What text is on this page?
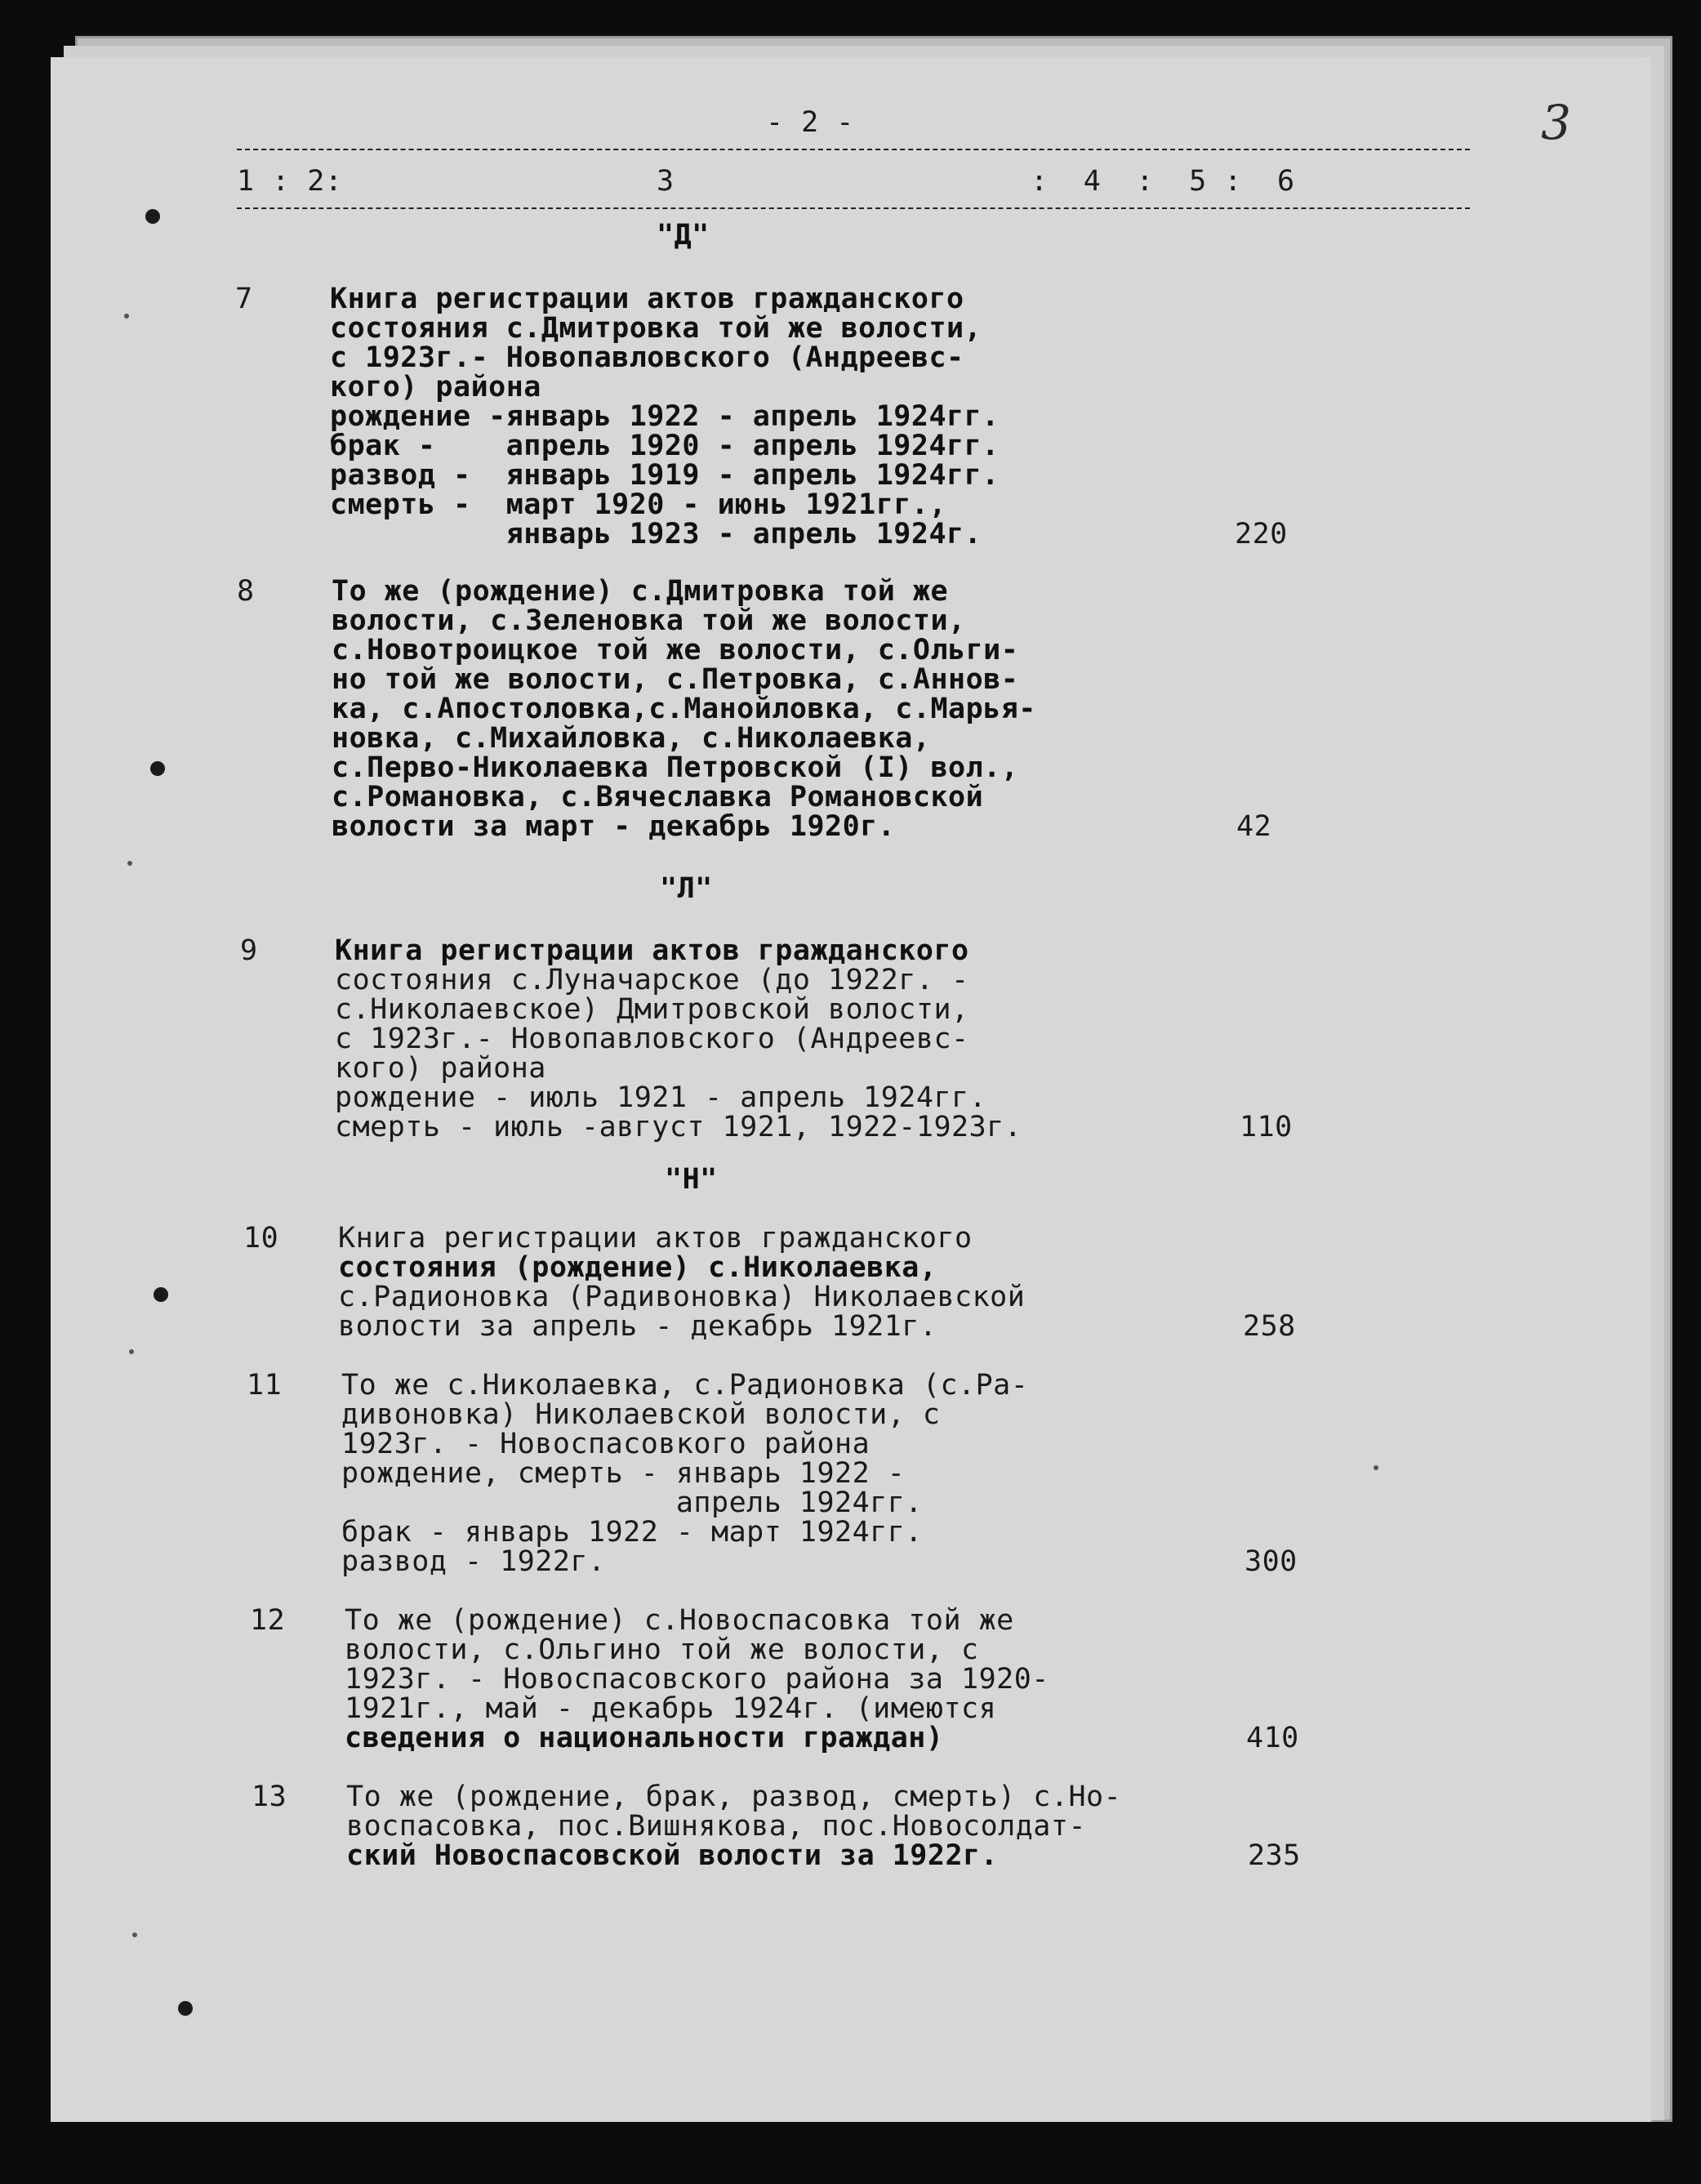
3
- 2 -
1 : 2:	3	:  4  :  5 :  6
"Д"
7	Книга регистрации актов гражданского
состояния с.Дмитровка той же волости,
с 1923г.- Новопавловского (Андреевс-
кого) района
рождение -январь 1922 - апрель 1924гг.
брак -    апрель 1920 - апрель 1924гг.
развод -  январь 1919 - апрель 1924гг.
смерть -  март 1920 - июнь 1921гг.,
январь 1923 - апрель 1924г.	220
8	То же (рождение) с.Дмитровка той же
волости, с.Зеленовка той же волости,
с.Новотроицкое той же волости, с.Ольги-
но той же волости, с.Петровка, с.Аннов-
ка, с.Апостоловка,с.Манойловка, с.Марья-
новка, с.Михайловка, с.Николаевка,
с.Перво-Николаевка Петровской (I) вол.,
с.Романовка, с.Вячеславка Романовской
волости за март - декабрь 1920г.	42
"Л"
9	Книга регистрации актов гражданского
состояния с.Луначарское (до 1922г. -
с.Николаевское) Дмитровской волости,
с 1923г.- Новопавловского (Андреевс-
кого) района
рождение - июль 1921 - апрель 1924гг.
смерть - июль -август 1921, 1922-1923г.	110
"Н"
10 Книга регистрации актов гражданского
состояния (рождение) с.Николаевка,
с.Радионовка (Радивоновка) Николаевской
волости за апрель - декабрь 1921г.	258
11 То же с.Николаевка, с.Радионовка (с.Ра-
дивоновка) Николаевской волости, с
1923г. - Новоспасовкого района
рождение, смерть - январь 1922 -
апрель 1924гг.
брак - январь 1922 - март 1924гг.
развод - 1922г.	300
12 То же (рождение) с.Новоспасовка той же
волости, с.Ольгино той же волости, с
1923г. - Новоспасовского района за 1920-
1921г., май - декабрь 1924г. (имеются
сведения о национальности граждан)	410
13 То же (рождение, брак, развод, смерть) с.Но-
воспасовка, пос.Вишнякова, пос.Новосолдат-
ский Новоспасовской волости за 1922г.	235
